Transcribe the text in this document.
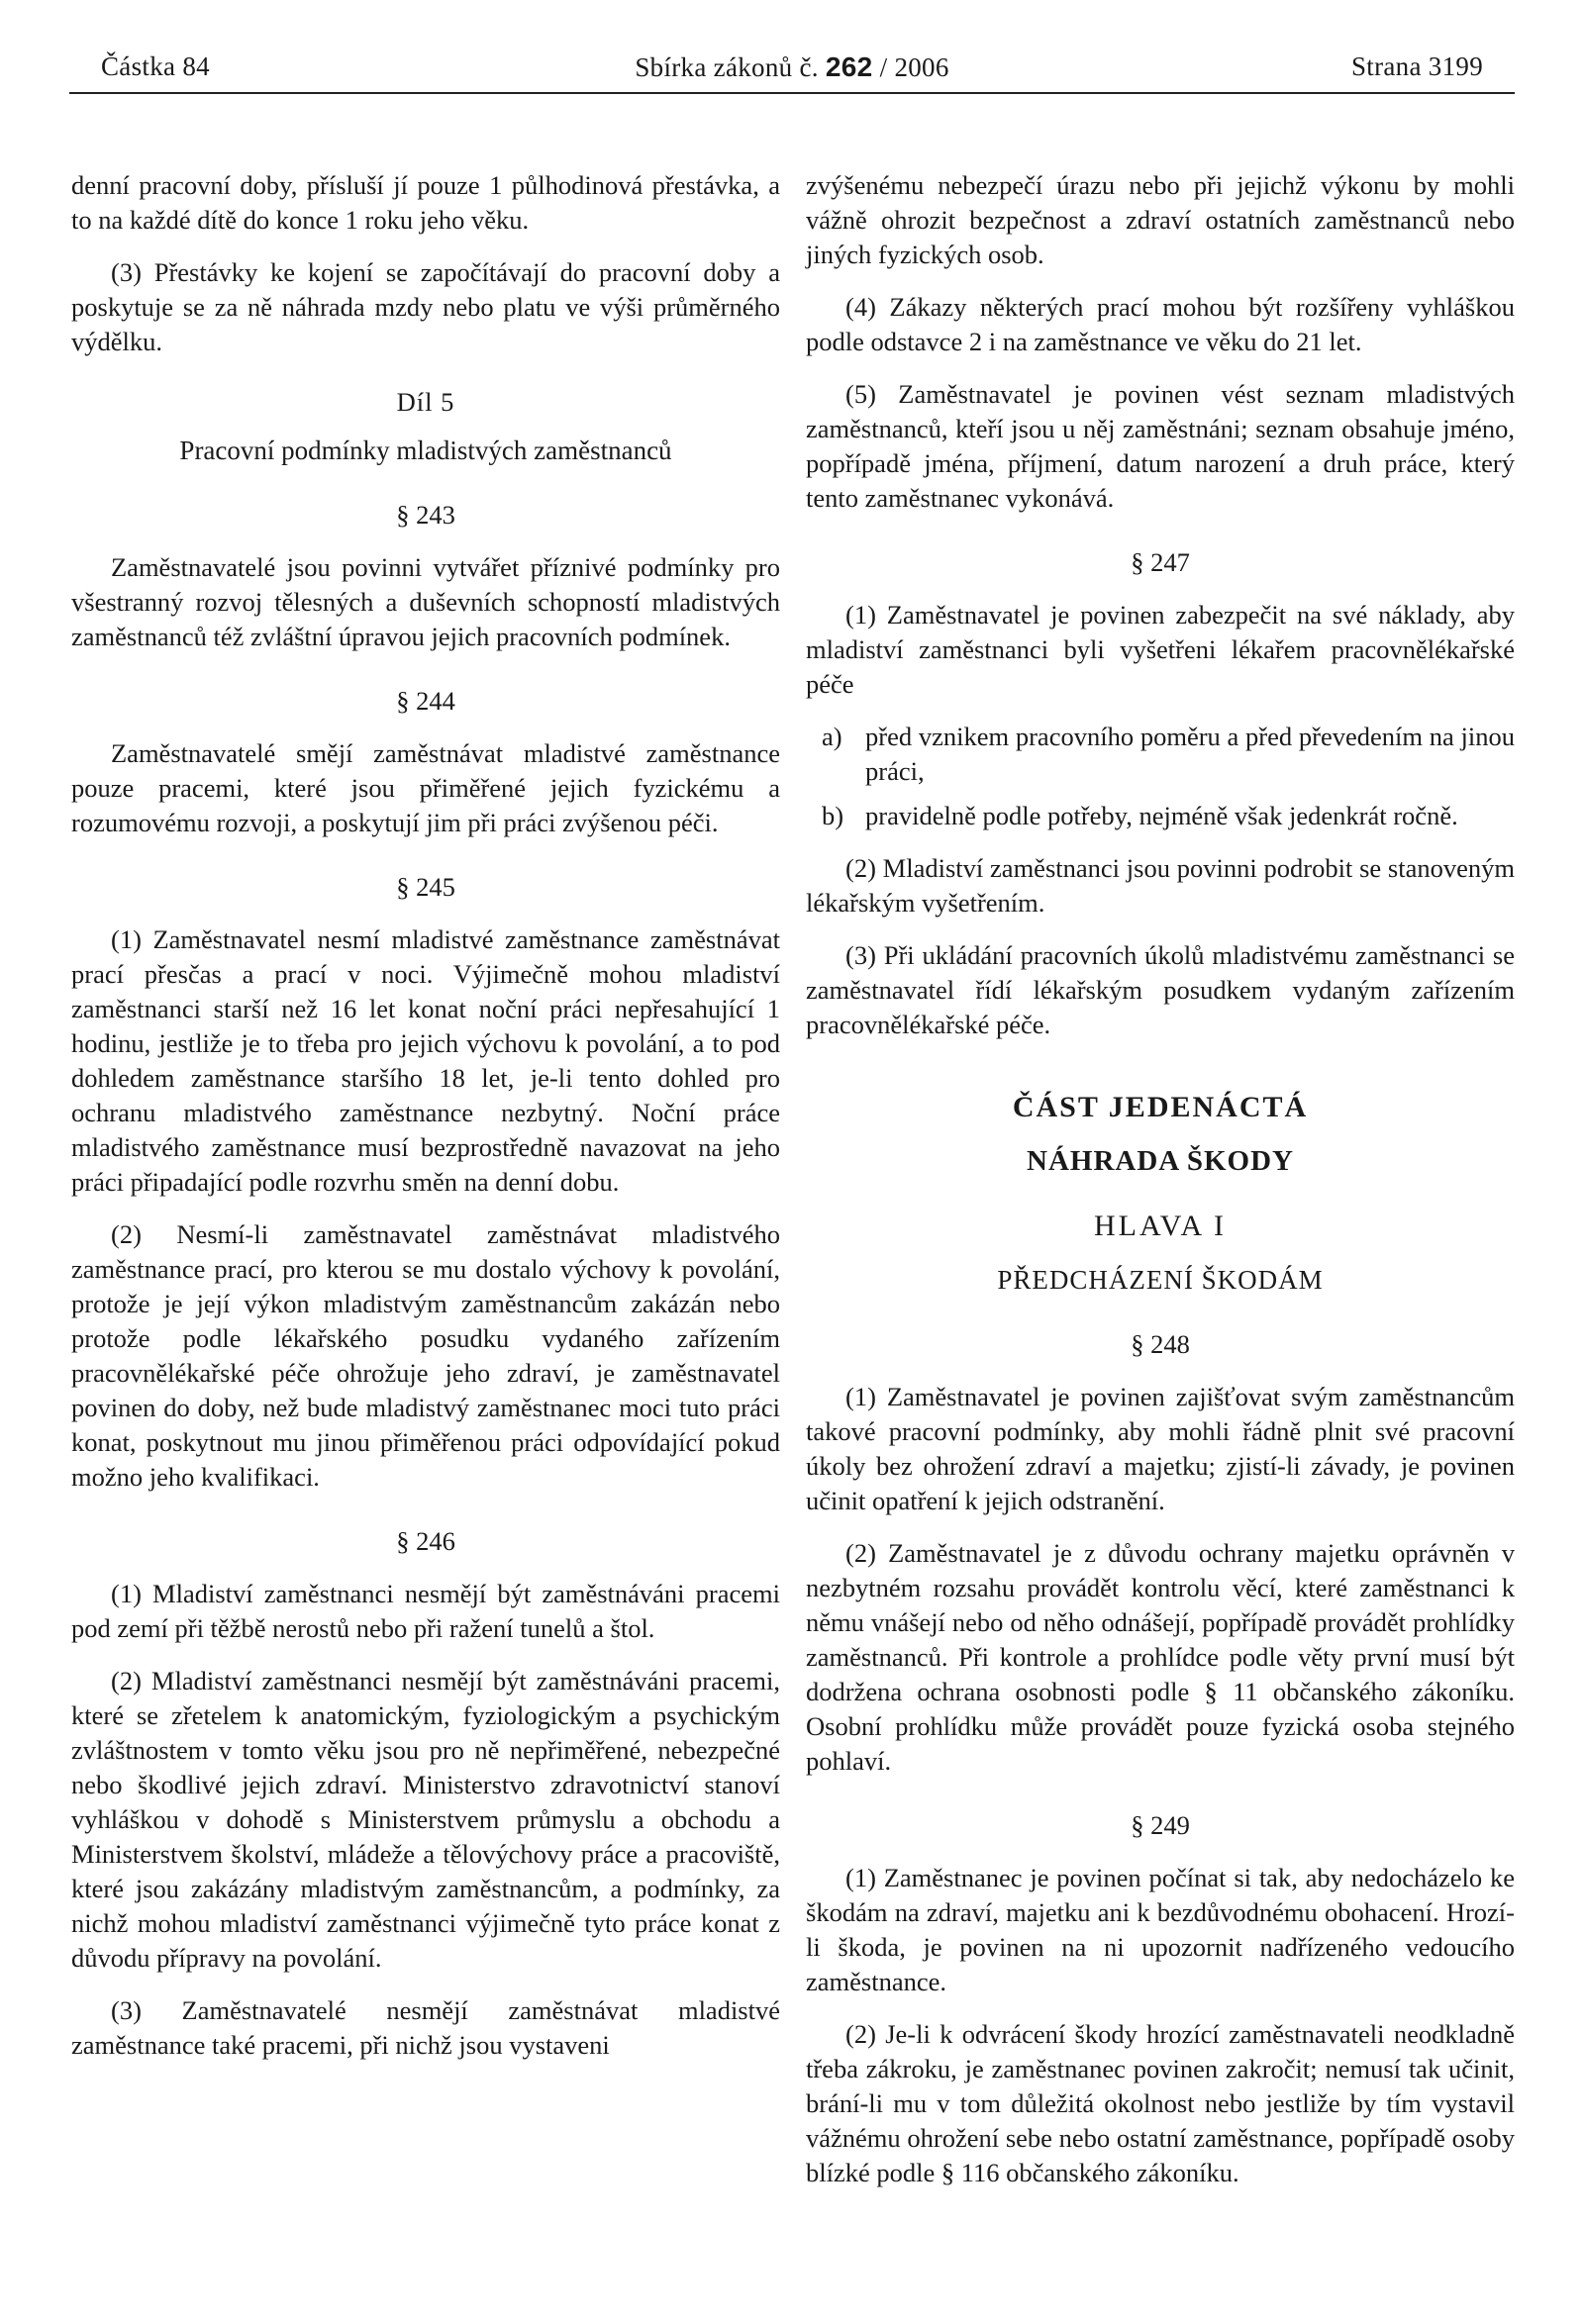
Částka 84	Sbírka zákonů č. 262 / 2006	Strana 3199

denní pracovní doby, přísluší jí pouze 1 půlhodinová přestávka, a to na každé dítě do konce 1 roku jeho věku.

(3) Přestávky ke kojení se započítávají do pracovní doby a poskytuje se za ně náhrada mzdy nebo platu ve výši průměrného výdělku.

Díl 5
Pracovní podmínky mladistvých zaměstnanců
§ 243

Zaměstnavatelé jsou povinni vytvářet příznivé podmínky pro všestranný rozvoj tělesných a duševních schopností mladistvých zaměstnanců též zvláštní úpravou jejich pracovních podmínek.

§ 244

Zaměstnavatelé smějí zaměstnávat mladistvé zaměstnance pouze pracemi, které jsou přiměřené jejich fyzickému a rozumovému rozvoji, a poskytují jim při práci zvýšenou péči.

§ 245

(1) Zaměstnavatel nesmí mladistvé zaměstnance zaměstnávat prací přesčas a prací v noci. Výjimečně mohou mladiství zaměstnanci starší než 16 let konat noční práci nepřesahující 1 hodinu, jestliže je to třeba pro jejich výchovu k povolání, a to pod dohledem zaměstnance staršího 18 let, je-li tento dohled pro ochranu mladistvého zaměstnance nezbytný. Noční práce mladistvého zaměstnance musí bezprostředně navazovat na jeho práci připadající podle rozvrhu směn na denní dobu.

(2) Nesmí-li zaměstnavatel zaměstnávat mladistvého zaměstnance prací, pro kterou se mu dostalo výchovy k povolání, protože je její výkon mladistvým zaměstnancům zakázán nebo protože podle lékařského posudku vydaného zařízením pracovnělékařské péče ohrožuje jeho zdraví, je zaměstnavatel povinen do doby, než bude mladistvý zaměstnanec moci tuto práci konat, poskytnout mu jinou přiměřenou práci odpovídající pokud možno jeho kvalifikaci.

§ 246

(1) Mladiství zaměstnanci nesmějí být zaměstnáváni pracemi pod zemí při těžbě nerostů nebo při ražení tunelů a štol.

(2) Mladiství zaměstnanci nesmějí být zaměstnáváni pracemi, které se zřetelem k anatomickým, fyziologickým a psychickým zvláštnostem v tomto věku jsou pro ně nepřiměřené, nebezpečné nebo škodlivé jejich zdraví. Ministerstvo zdravotnictví stanoví vyhláškou v dohodě s Ministerstvem průmyslu a obchodu a Ministerstvem školství, mládeže a tělovýchovy práce a pracoviště, které jsou zakázány mladistvým zaměstnancům, a podmínky, za nichž mohou mladiství zaměstnanci výjimečně tyto práce konat z důvodu přípravy na povolání.

(3) Zaměstnavatelé nesmějí zaměstnávat mladistvé zaměstnance také pracemi, při nichž jsou vystaveni

zvýšenému nebezpečí úrazu nebo při jejichž výkonu by mohli vážně ohrozit bezpečnost a zdraví ostatních zaměstnanců nebo jiných fyzických osob.

(4) Zákazy některých prací mohou být rozšířeny vyhláškou podle odstavce 2 i na zaměstnance ve věku do 21 let.

(5) Zaměstnavatel je povinen vést seznam mladistvých zaměstnanců, kteří jsou u něj zaměstnáni; seznam obsahuje jméno, popřípadě jména, příjmení, datum narození a druh práce, který tento zaměstnanec vykonává.

§ 247

(1) Zaměstnavatel je povinen zabezpečit na své náklady, aby mladiství zaměstnanci byli vyšetřeni lékařem pracovnělékařské péče

a) před vznikem pracovního poměru a před převedením na jinou práci,
b) pravidelně podle potřeby, nejméně však jedenkrát ročně.

(2) Mladiství zaměstnanci jsou povinni podrobit se stanoveným lékařským vyšetřením.

(3) Při ukládání pracovních úkolů mladistvému zaměstnanci se zaměstnavatel řídí lékařským posudkem vydaným zařízením pracovnělékařské péče.

ČÁST JEDENÁCTÁ
NÁHRADA ŠKODY
HLAVA I
PŘEDCHÁZENÍ ŠKODÁM
§ 248

(1) Zaměstnavatel je povinen zajišťovat svým zaměstnancům takové pracovní podmínky, aby mohli řádně plnit své pracovní úkoly bez ohrožení zdraví a majetku; zjistí-li závady, je povinen učinit opatření k jejich odstranění.

(2) Zaměstnavatel je z důvodu ochrany majetku oprávněn v nezbytném rozsahu provádět kontrolu věcí, které zaměstnanci k němu vnášejí nebo od něho odnášejí, popřípadě provádět prohlídky zaměstnanců. Při kontrole a prohlídce podle věty první musí být dodržena ochrana osobnosti podle § 11 občanského zákoníku. Osobní prohlídku může provádět pouze fyzická osoba stejného pohlaví.

§ 249

(1) Zaměstnanec je povinen počínat si tak, aby nedocházelo ke škodám na zdraví, majetku ani k bezdůvodnému obohacení. Hrozí-li škoda, je povinen na ni upozornit nadřízeného vedoucího zaměstnance.

(2) Je-li k odvrácení škody hrozící zaměstnavateli neodkladně třeba zákroku, je zaměstnanec povinen zakročit; nemusí tak učinit, brání-li mu v tom důležitá okolnost nebo jestliže by tím vystavil vážnému ohrožení sebe nebo ostatní zaměstnance, popřípadě osoby blízké podle § 116 občanského zákoníku.
